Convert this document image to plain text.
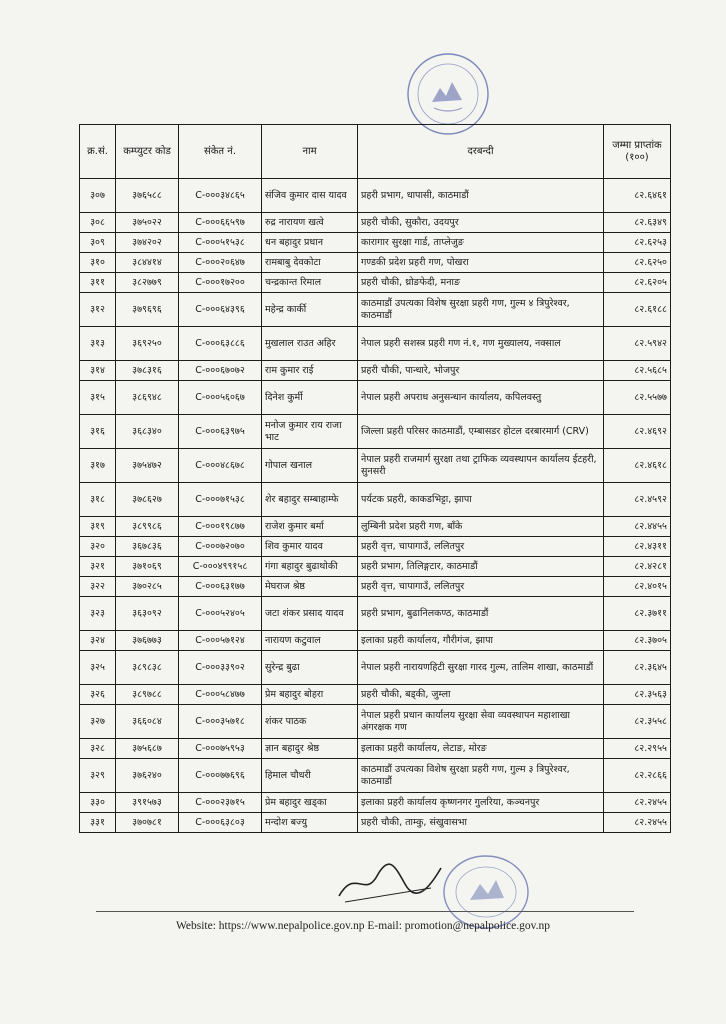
क्र.सं.	कम्प्युटर कोड	संकेत नं.	नाम	दरबन्दी	जम्मा प्राप्तांक (१००)
३०७	३७६५८८	C-०००३४८६५	संजिव कुमार दास यादव	प्रहरी प्रभाग, धापासी, काठमाडौं	८२.६४६१
३०८	३७५०२२	C-०००६६५९७	रुद्र नारायण खत्वे	प्रहरी चौकी, सुकौरा, उदयपुर	८२.६३४९
३०९	३७४२०२	C-०००५१५३८	धन बहादुर प्रधान	कारागार सुरक्षा गार्ड, ताप्लेजुङ	८२.६२५३
३१०	३८४४१४	C-०००२०६४७	रामबाबु देवकोटा	गण्डकी प्रदेश प्रहरी गण, पोखरा	८२.६२५०
३११	३८२७७९	C-०००१७२००	चन्द्रकान्त रिमाल	प्रहरी चौकी, थ्रोङफेदी, मनाङ	८२.६२०५
३१२	३७९६९६	C-०००६४३९६	महेन्द्र कार्की	काठमाडौं उपत्यका विशेष सुरक्षा प्रहरी गण, गुल्म ४ त्रिपुरेश्वर, काठमाडौं	८२.६१८८
३१३	३६९२५०	C-०००६३८८६	मुखलाल राउत अहिर	नेपाल प्रहरी सशस्त्र प्रहरी गण नं.१, गण मुख्यालय, नक्साल	८२.५९४२
३१४	३७८३१६	C-०००६७०७२	राम कुमार राई	प्रहरी चौकी, पान्धारे, भोजपुर	८२.५६८५
३१५	३८६९४८	C-०००५६०६७	दिनेश कुर्मी	नेपाल प्रहरी अपराध अनुसन्धान कार्यालय, कपिलवस्तु	८२.५५७७
३१६	३६८३४०	C-०००६३९७५	मनोज कुमार राय राजा भाट	जिल्ला प्रहरी परिसर काठमाडौं, एम्बासडर होटल दरबारमार्ग (CRV)	८२.४६९२
३१७	३७५४७२	C-०००४८६७८	गोपाल खनाल	नेपाल प्रहरी राजमार्ग सुरक्षा तथा ट्राफिक व्यवस्थापन कार्यालय ईटहरी, सुनसरी	८२.४६१८
३१८	३७८६२७	C-०००७१५३८	शेर बहादुर सम्बाहाम्फे	पर्यटक प्रहरी, काकडभिट्टा, झापा	८२.४५९२
३१९	३८९९८६	C-०००१९८७७	राजेश कुमार बर्मा	लुम्बिनी प्रदेश प्रहरी गण, बाँके	८२.४४५५
३२०	३६७८३६	C-०००७२०७०	शिव कुमार यादव	प्रहरी वृत्त, चापागाउँ, ललितपुर	८२.४३११
३२१	३७१०६९	C-०००४९९१५८	गंगा बहादुर बुढाथोकी	प्रहरी प्रभाग, तिलिङ्गटार, काठमाडौं	८२.४२८१
३२२	३७०२८५	C-०००६३१७७	मेघराज श्रेष्ठ	प्रहरी वृत्त, चापागाउँ, ललितपुर	८२.४०१५
३२३	३६३०९२	C-०००५२४०५	जटा शंकर प्रसाद यादव	प्रहरी प्रभाग, बुढानिलकण्ठ, काठमाडौं	८२.३७११
३२४	३७६७७३	C-०००५७१२४	नारायण कटुवाल	इलाका प्रहरी कार्यालय, गौरीगंज, झापा	८२.३७०५
३२५	३८९८३८	C-०००३३९०२	सुरेन्द्र बुढा	नेपाल प्रहरी नारायणहिटी सुरक्षा गारद गुल्म, तालिम शाखा, काठमाडौं	८२.३६४५
३२६	३८९७८८	C-०००५८४७७	प्रेम बहादुर बोहरा	प्रहरी चौकी, बड्की, जुम्ला	८२.३५६३
३२७	३६६०८४	C-०००३५७१८	शंकर पाठक	नेपाल प्रहरी प्रधान कार्यालय सुरक्षा सेवा व्यवस्थापन महाशाखा अंगरक्षक गण	८२.३५५८
३२८	३७५६८७	C-०००७५९५३	ज्ञान बहादुर श्रेष्ठ	इलाका प्रहरी कार्यालय, लेटाङ, मोरङ	८२.२९५५
३२९	३७६२४०	C-०००७७६९६	हिमाल चौधरी	काठमाडौं उपत्यका विशेष सुरक्षा प्रहरी गण, गुल्म ३ त्रिपुरेश्वर, काठमाडौं	८२.२८६६
३३०	३९१५७३	C-०००२३७१५	प्रेम बहादुर खड्का	इलाका प्रहरी कार्यालय कृष्णनगर गुलरिया, कञ्चनपुर	८२.२४५५
३३१	३७०७८१	C-०००६३८०३	मन्दोश बज्यु	प्रहरी चौकी, ताम्कु, संखुवासभा	८२.२४५५
Website: https://www.nepalpolice.gov.np E-mail: promotion@nepalpolice.gov.np
